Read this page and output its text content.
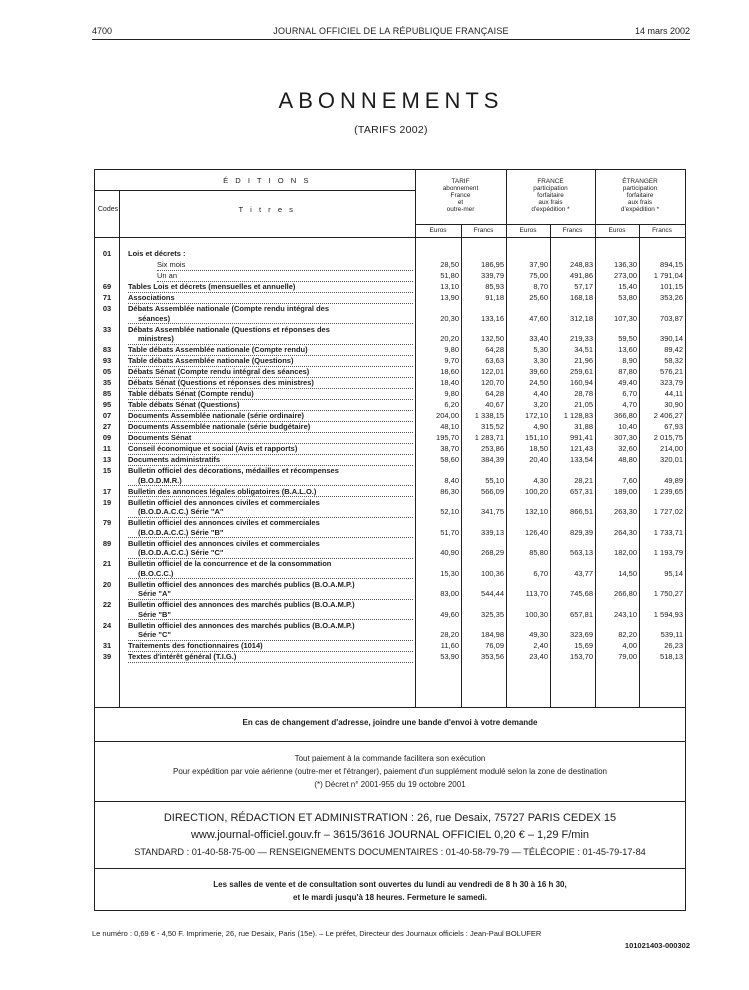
4700	JOURNAL OFFICIEL DE LA RÉPUBLIQUE FRANÇAISE	14 mars 2002
ABONNEMENTS
(TARIFS 2002)
É D I T I O N S
Codes	T i t r e s
TARIF
abonnement
France
et
outre-mer
FRANCE
participation
forfaitaire
aux frais
d'expédition *
ÉTRANGER
participation
forfaitaire
aux frais
d'expédition *
Euros	Francs	Euros	Francs	Euros	Francs
01	Lois et décrets :
Six mois	28,50	186,95	37,90	248,83	136,30	894,15
Un an	51,80	339,79	75,00	491,86	273,00	1 791,04
69	Tables Lois et décrets (mensuelles et annuelle)	13,10	85,93	8,70	57,17	15,40	101,15
71	Associations	13,90	91,18	25,60	168,18	53,80	353,26
03	Débats Assemblée nationale (Compte rendu intégral des
séances)	20,30	133,16	47,60	312,18	107,30	703,87
33	Débats Assemblée nationale (Questions et réponses des
ministres)	20,20	132,50	33,40	219,33	59,50	390,14
83	Table débats Assemblée nationale (Compte rendu)	9,80	64,28	5,30	34,51	13,60	89,42
93	Table débats Assemblée nationale (Questions)	9,70	63,63	3,30	21,96	8,90	58,32
05	Débats Sénat (Compte rendu intégral des séances)	18,60	122,01	39,60	259,61	87,80	576,21
35	Débats Sénat (Questions et réponses des ministres)	18,40	120,70	24,50	160,94	49,40	323,79
85	Table débats Sénat (Compte rendu)	9,80	64,28	4,40	28,78	6,70	44,11
95	Table débats Sénat (Questions)	6,20	40,67	3,20	21,05	4,70	30,90
07	Documents Assemblée nationale (série ordinaire)	204,00	1 338,15	172,10	1 128,83	366,80	2 406,27
27	Documents Assemblée nationale (série budgétaire)	48,10	315,52	4,90	31,88	10,40	67,93
09	Documents Sénat	195,70	1 283,71	151,10	991,41	307,30	2 015,75
11	Conseil économique et social (Avis et rapports)	38,70	253,86	18,50	121,43	32,60	214,00
13	Documents administratifs	58,60	384,39	20,40	133,54	48,80	320,01
15	Bulletin officiel des décorations, médailles et récompenses
(B.O.D.M.R.)	8,40	55,10	4,30	28,21	7,60	49,89
17	Bulletin des annonces légales obligatoires (B.A.L.O.)	86,30	566,09	100,20	657,31	189,00	1 239,65
19	Bulletin officiel des annonces civiles et commerciales
(B.O.D.A.C.C.) Série "A"	52,10	341,75	132,10	866,51	263,30	1 727,02
79	Bulletin officiel des annonces civiles et commerciales
(B.O.D.A.C.C.) Série "B"	51,70	339,13	126,40	829,39	264,30	1 733,71
89	Bulletin officiel des annonces civiles et commerciales
(B.O.D.A.C.C.) Série "C"	40,90	268,29	85,80	563,13	182,00	1 193,79
21	Bulletin officiel de la concurrence et de la consommation
(B.O.C.C.)	15,30	100,36	6,70	43,77	14,50	95,14
20	Bulletin officiel des annonces des marchés publics (B.O.A.M.P.)
Série "A"	83,00	544,44	113,70	745,68	266,80	1 750,27
22	Bulletin officiel des annonces des marchés publics (B.O.A.M.P.)
Série "B"	49,60	325,35	100,30	657,81	243,10	1 594,93
24	Bulletin officiel des annonces des marchés publics (B.O.A.M.P.)
Série "C"	28,20	184,98	49,30	323,69	82,20	539,11
31	Traitements des fonctionnaires (1014)	11,60	76,09	2,40	15,69	4,00	26,23
39	Textes d'intérêt général (T.I.G.)	53,90	353,56	23,40	153,70	79,00	518,13
En cas de changement d'adresse, joindre une bande d'envoi à votre demande
Tout paiement à la commande facilitera son exécution
Pour expédition par voie aérienne (outre-mer et l'étranger), paiement d'un supplément modulé selon la zone de destination
(*) Décret n° 2001-955 du 19 octobre 2001
DIRECTION, RÉDACTION ET ADMINISTRATION : 26, rue Desaix, 75727 PARIS CEDEX 15
www.journal-officiel.gouv.fr – 3615/3616 JOURNAL OFFICIEL 0,20 € – 1,29 F/min
STANDARD : 01-40-58-75-00 — RENSEIGNEMENTS DOCUMENTAIRES : 01-40-58-79-79 — TÉLÉCOPIE : 01-45-79-17-84
Les salles de vente et de consultation sont ouvertes du lundi au vendredi de 8 h 30 à 16 h 30,
et le mardi jusqu'à 18 heures. Fermeture le samedi.
Le numéro : 0,69 € - 4,50 F. Imprimerie, 26, rue Desaix, Paris (15e). – Le préfet, Directeur des Journaux officiels : Jean-Paul BOLUFER
101021403-000302
